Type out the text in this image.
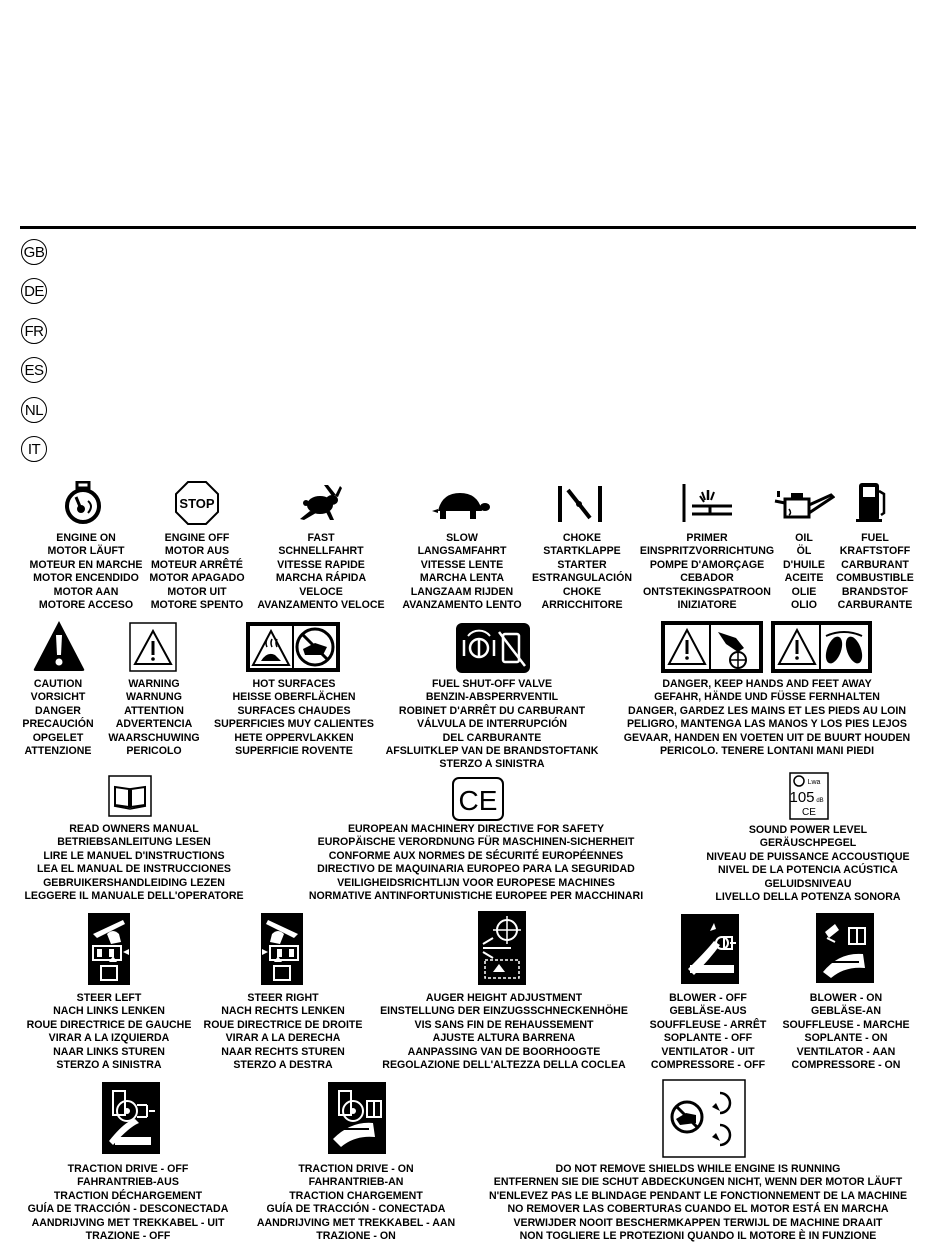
GB
DE
FR
ES
NL
IT
STOP
ENGINE ON
MOTOR LÄUFT
MOTEUR EN MARCHE
MOTOR ENCENDIDO
MOTOR AAN
MOTORE ACCESO
ENGINE OFF
MOTOR AUS
MOTEUR ARRÊTÉ
MOTOR APAGADO
MOTOR UIT
MOTORE SPENTO
FAST
SCHNELLFAHRT
VITESSE RAPIDE
MARCHA RÁPIDA
VELOCE
AVANZAMENTO VELOCE
SLOW
LANGSAMFAHRT
VITESSE LENTE
MARCHA LENTA
LANGZAAM RIJDEN
AVANZAMENTO LENTO
CHOKE
STARTKLAPPE
STARTER
ESTRANGULACIÓN
CHOKE
ARRICCHITORE
PRIMER
EINSPRITZVORRICHTUNG
POMPE D'AMORÇAGE
CEBADOR
ONTSTEKINGSPATROON
INIZIATORE
OIL
ÖL
D'HUILE
ACEITE
OLIE
OLIO
FUEL
KRAFTSTOFF
CARBURANT
COMBUSTIBLE
BRANDSTOF
CARBURANTE
CAUTION
VORSICHT
DANGER
PRECAUCIÓN
OPGELET
ATTENZIONE
WARNING
WARNUNG
ATTENTION
ADVERTENCIA
WAARSCHUWING
PERICOLO
HOT SURFACES
HEISSE OBERFLÄCHEN
SURFACES CHAUDES
SUPERFICIES MUY CALIENTES
HETE OPPERVLAKKEN
SUPERFICIE ROVENTE
FUEL SHUT-OFF VALVE
BENZIN-ABSPERRVENTIL
ROBINET D'ARRÊT DU CARBURANT
VÁLVULA DE INTERRUPCIÓN
DEL CARBURANTE
AFSLUITKLEP VAN DE BRANDSTOFTANK
STERZO A SINISTRA
DANGER, KEEP HANDS AND FEET AWAY
GEFAHR, HÄNDE UND FÜSSE FERNHALTEN
DANGER, GARDEZ LES MAINS ET LES PIEDS AU LOIN
PELIGRO, MANTENGA LAS MANOS Y LOS PIES LEJOS
GEVAAR, HANDEN EN VOETEN UIT DE BUURT HOUDEN
PERICOLO. TENERE LONTANI MANI PIEDI
CE
Lwa
105 dB
CE
READ OWNERS MANUAL
BETRIEBSANLEITUNG LESEN
LIRE LE MANUEL D'INSTRUCTIONS
LEA EL MANUAL DE INSTRUCCIONES
GEBRUIKERSHANDLEIDING LEZEN
LEGGERE IL MANUALE DELL'OPERATORE
EUROPEAN MACHINERY DIRECTIVE FOR SAFETY
EUROPÄISCHE VERORDNUNG FÜR MASCHINEN-SICHERHEIT
CONFORME AUX NORMES DE SÉCURITÉ EUROPÉENNES
DIRECTIVO DE MAQUINARIA EUROPEO PARA LA SEGURIDAD
VEILIGHEIDSRICHTLIJN VOOR EUROPESE MACHINES
NORMATIVE ANTINFORTUNISTICHE EUROPEE PER MACCHINARI
SOUND POWER LEVEL
GERÄUSCHPEGEL
NIVEAU DE PUISSANCE ACCOUSTIQUE
NIVEL DE LA POTENCIA ACÚSTICA
GELUIDSNIVEAU
LIVELLO DELLA POTENZA SONORA
STEER LEFT
NACH LINKS LENKEN
ROUE DIRECTRICE DE GAUCHE
VIRAR A LA IZQUIERDA
NAAR LINKS STUREN
STERZO A SINISTRA
STEER RIGHT
NACH RECHTS LENKEN
ROUE DIRECTRICE DE DROITE
VIRAR A LA DERECHA
NAAR RECHTS STUREN
STERZO A DESTRA
AUGER HEIGHT ADJUSTMENT
EINSTELLUNG DER EINZUGSSCHNECKENHÖHE
VIS SANS FIN DE REHAUSSEMENT
AJUSTE ALTURA BARRENA
AANPASSING VAN DE BOORHOOGTE
REGOLAZIONE DELL'ALTEZZA DELLA COCLEA
BLOWER - OFF
GEBLÄSE-AUS
SOUFFLEUSE - ARRÊT
SOPLANTE - OFF
VENTILATOR - UIT
COMPRESSORE - OFF
BLOWER - ON
GEBLÄSE-AN
SOUFFLEUSE - MARCHE
SOPLANTE - ON
VENTILATOR - AAN
COMPRESSORE - ON
TRACTION DRIVE - OFF
FAHRANTRIEB-AUS
TRACTION DÉCHARGEMENT
GUÍA DE TRACCIÓN - DESCONECTADA
AANDRIJVING MET TREKKABEL - UIT
TRAZIONE - OFF
TRACTION DRIVE - ON
FAHRANTRIEB-AN
TRACTION CHARGEMENT
GUÍA DE TRACCIÓN - CONECTADA
AANDRIJVING MET TREKKABEL - AAN
TRAZIONE - ON
DO NOT REMOVE SHIELDS WHILE ENGINE IS RUNNING
ENTFERNEN SIE DIE SCHUT ABDECKUNGEN NICHT, WENN DER MOTOR LÄUFT
N'ENLEVEZ PAS LE BLINDAGE PENDANT LE FONCTIONNEMENT DE LA MACHINE
NO REMOVER LAS COBERTURAS CUANDO EL MOTOR ESTÁ EN MARCHA
VERWIJDER NOOIT BESCHERMKAPPEN TERWIJL DE MACHINE DRAAIT
NON TOGLIERE LE PROTEZIONI QUANDO IL MOTORE È IN FUNZIONE
